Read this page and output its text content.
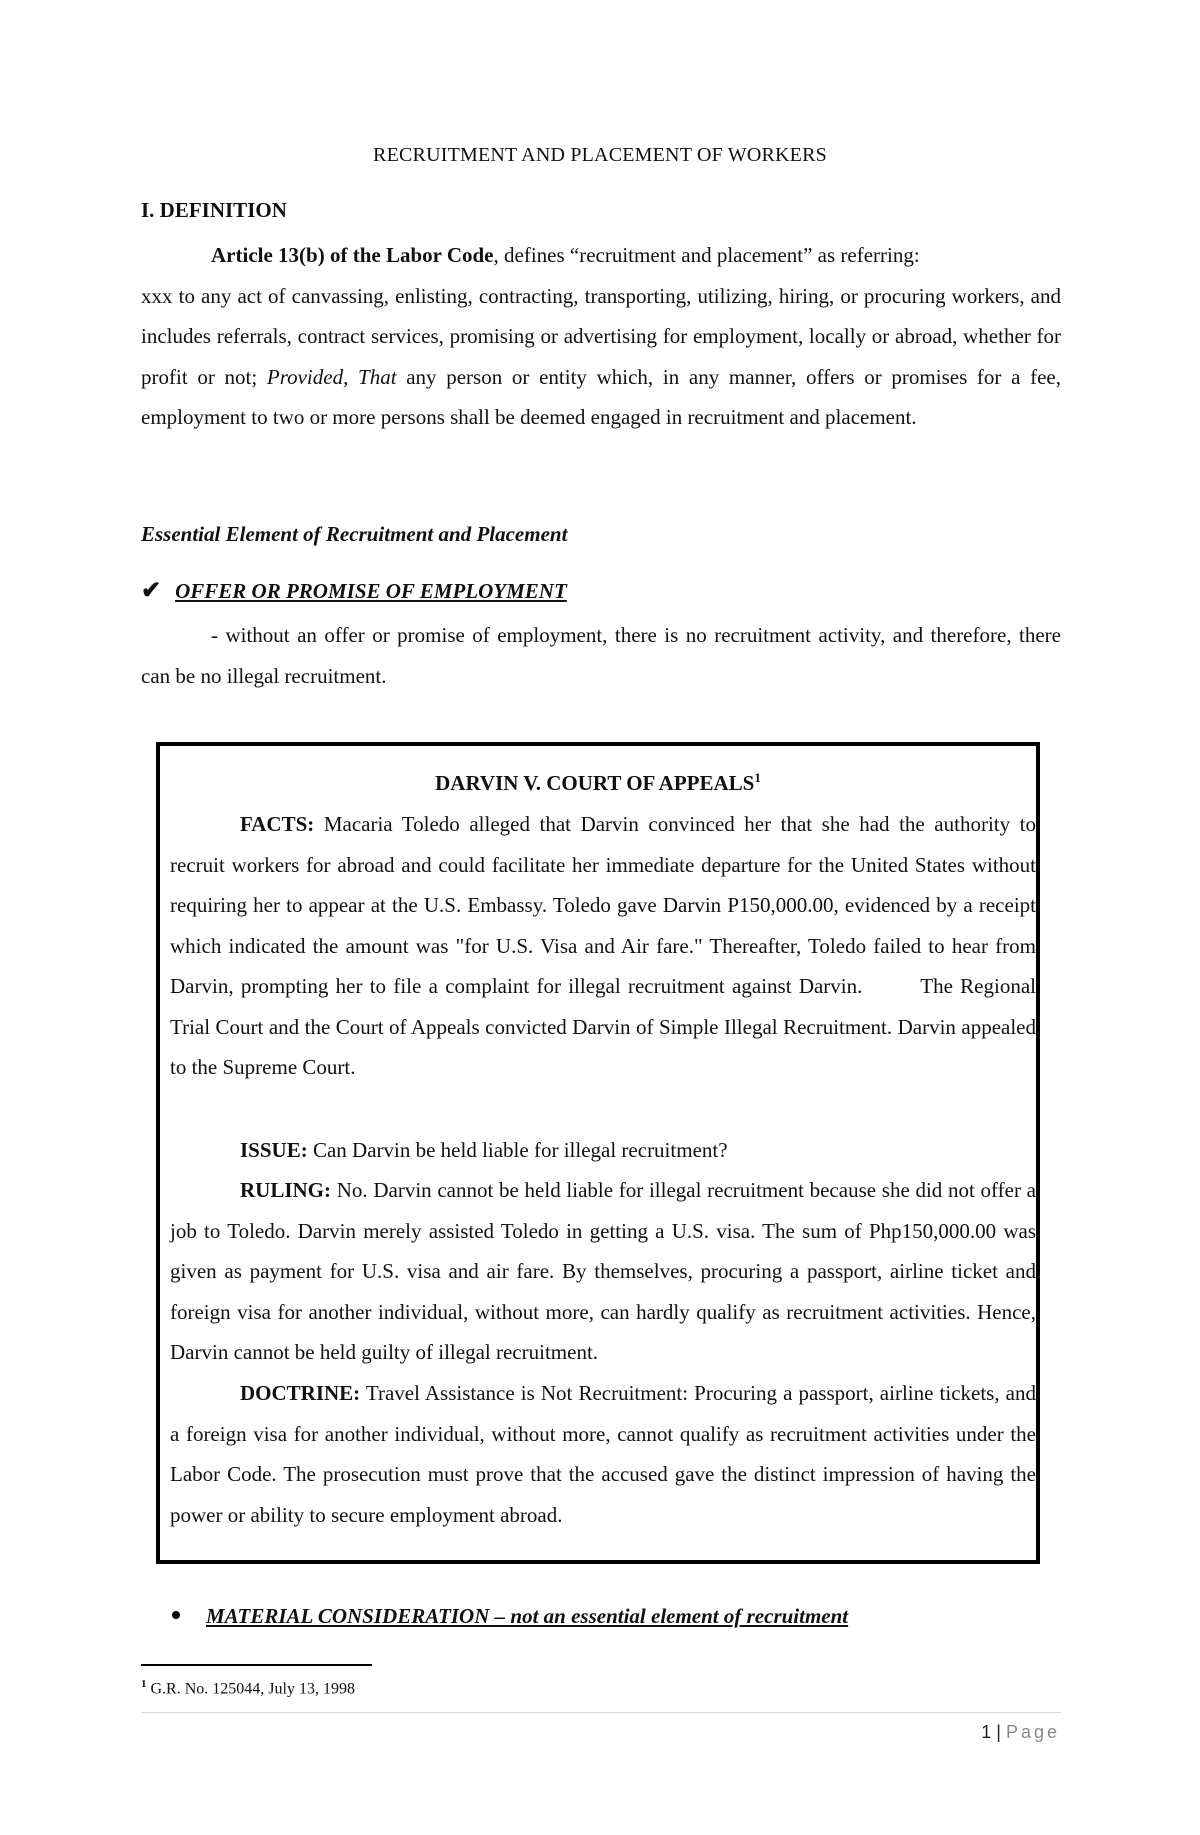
RECRUITMENT AND PLACEMENT OF WORKERS
I. DEFINITION
Article 13(b) of the Labor Code, defines “recruitment and placement” as referring:
xxx to any act of canvassing, enlisting, contracting, transporting, utilizing, hiring, or procuring workers, and includes referrals, contract services, promising or advertising for employment, locally or abroad, whether for profit or not; Provided, That any person or entity which, in any manner, offers or promises for a fee, employment to two or more persons shall be deemed engaged in recruitment and placement.
Essential Element of Recruitment and Placement
✔ OFFER OR PROMISE OF EMPLOYMENT
- without an offer or promise of employment, there is no recruitment activity, and therefore, there can be no illegal recruitment.
DARVIN V. COURT OF APPEALS$^1$
FACTS: Macaria Toledo alleged that Darvin convinced her that she had the authority to recruit workers for abroad and could facilitate her immediate departure for the United States without requiring her to appear at the U.S. Embassy. Toledo gave Darvin P150,000.00, evidenced by a receipt which indicated the amount was "for U.S. Visa and Air fare." Thereafter, Toledo failed to hear from Darvin, prompting her to file a complaint for illegal recruitment against Darvin.        The Regional Trial Court and the Court of Appeals convicted Darvin of Simple Illegal Recruitment. Darvin appealed to the Supreme Court.
ISSUE: Can Darvin be held liable for illegal recruitment?
RULING: No. Darvin cannot be held liable for illegal recruitment because she did not offer a job to Toledo. Darvin merely assisted Toledo in getting a U.S. visa. The sum of Php150,000.00 was given as payment for U.S. visa and air fare. By themselves, procuring a passport, airline ticket and foreign visa for another individual, without more, can hardly qualify as recruitment activities. Hence, Darvin cannot be held guilty of illegal recruitment.
DOCTRINE: Travel Assistance is Not Recruitment: Procuring a passport, airline tickets, and a foreign visa for another individual, without more, cannot qualify as recruitment activities under the Labor Code. The prosecution must prove that the accused gave the distinct impression of having the power or ability to secure employment abroad.
MATERIAL CONSIDERATION – not an essential element of recruitment
$^1$ G.R. No. 125044, July 13, 1998
1 | Page
